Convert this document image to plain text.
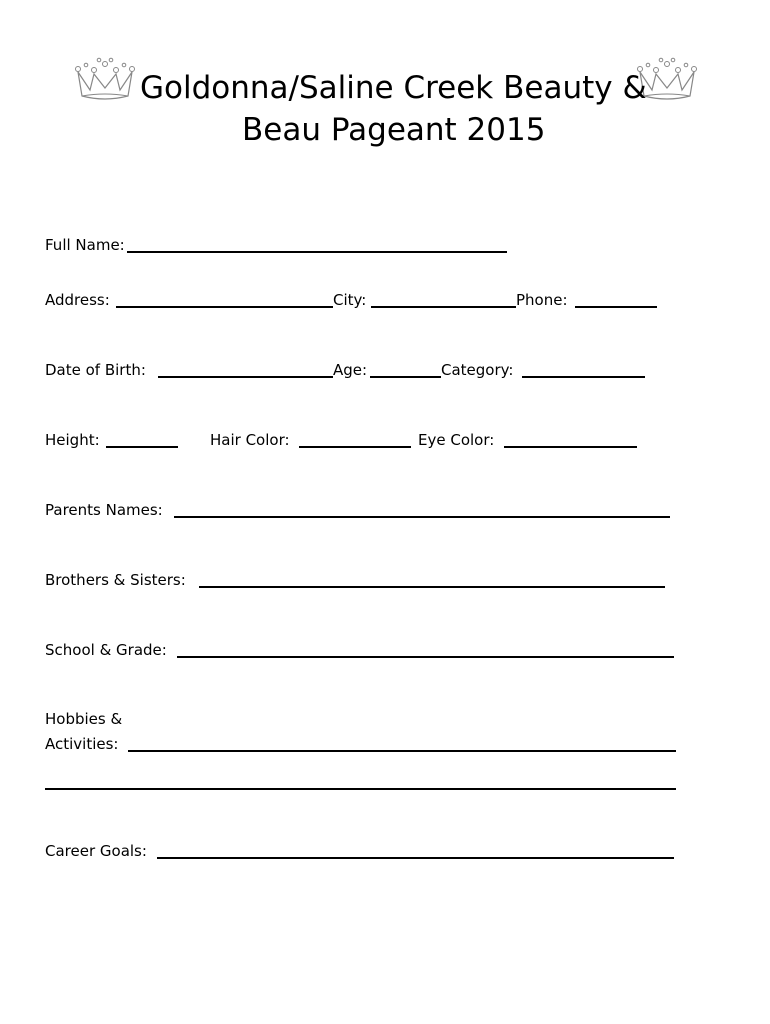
Goldonna/Saline Creek Beauty &
Beau Pageant 2015
Full Name:
Address:	City:	Phone:
Date of Birth:	Age:	Category:
Height:	Hair Color:	Eye Color:
Parents Names:
Brothers & Sisters:
School & Grade:
Hobbies &
Activities:
Career Goals:
